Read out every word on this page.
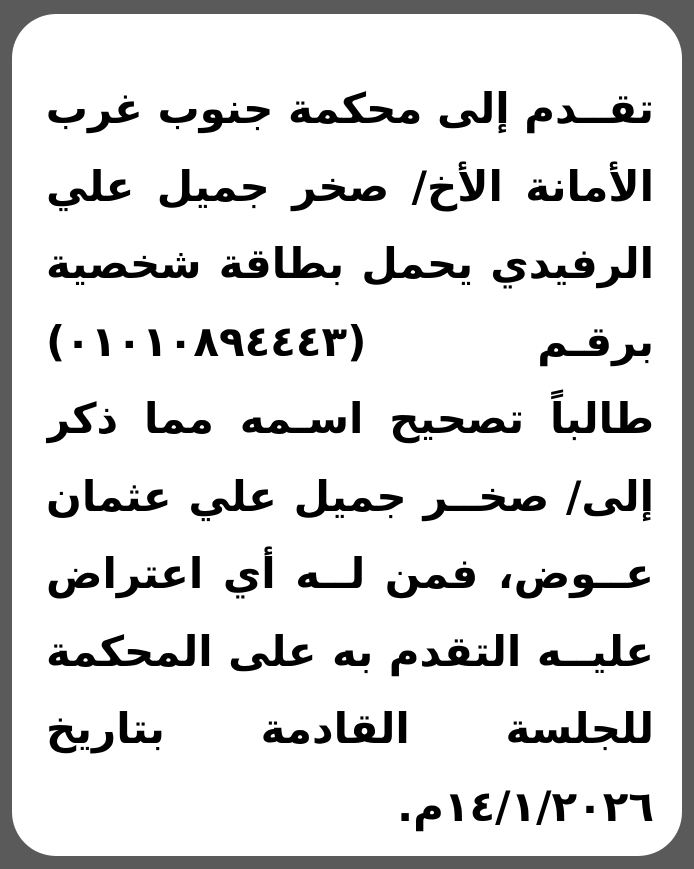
تقــدم إلى محكمة جنوب غرب
الأمانة الأخ/ صخر جميل علي
الرفيدي يحمل بطاقة شخصية
برقـم (٠١٠١٠٨٩٤٤٤٣)
طالباً تصحيح اسـمه مما ذكر
إلى/ صخــر جميل علي عثمان
عــوض، فمن لــه أي اعتراض
عليــه التقدم به على المحكمة
للجلسة القادمة بتاريخ
١٤/١/٢٠٢٦م.
